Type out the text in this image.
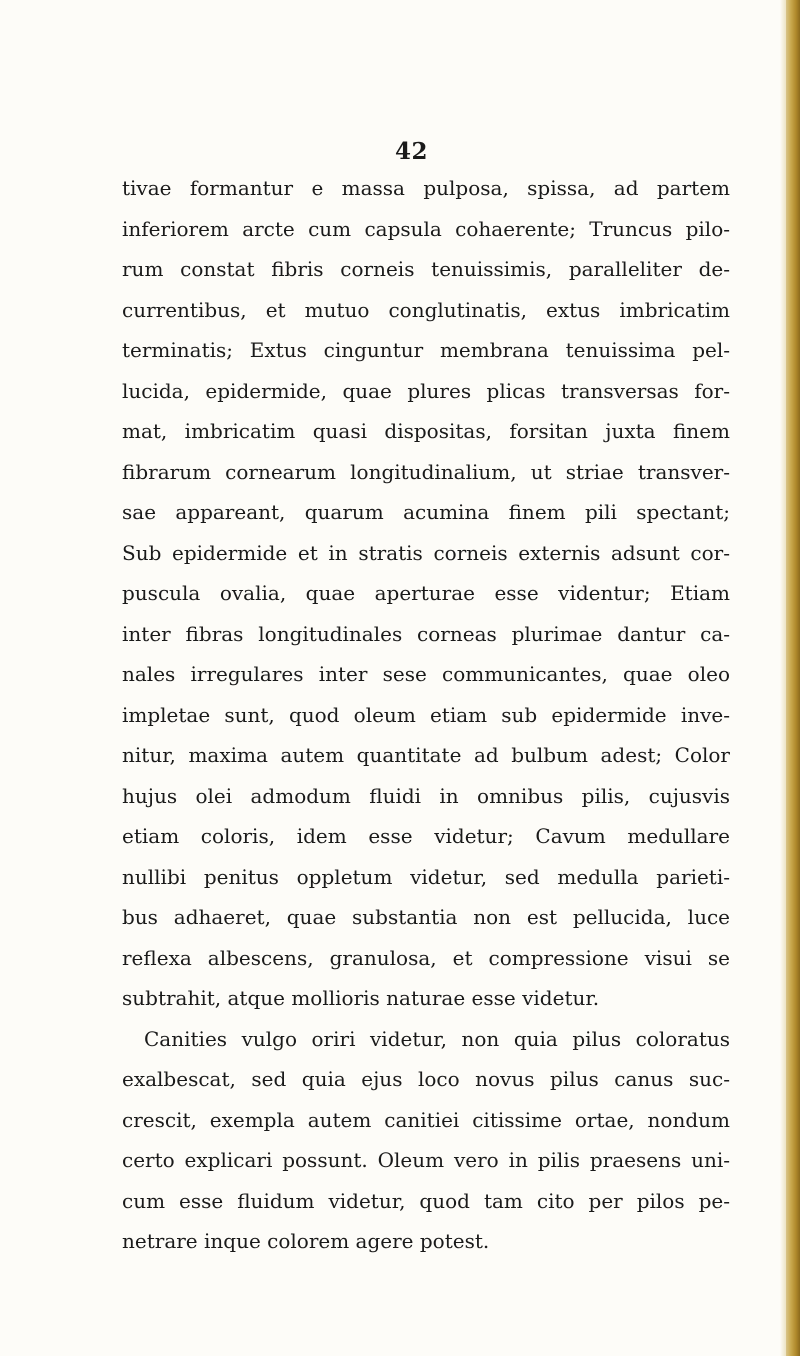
42
tivae formantur e massa pulposa, spissa, ad partem
inferiorem arcte cum capsula cohaerente; Truncus pilo-
rum constat fibris corneis tenuissimis, paralleliter de-
currentibus, et mutuo conglutinatis, extus imbricatim
terminatis; Extus cinguntur membrana tenuissima pel-
lucida, epidermide, quae plures plicas transversas for-
mat, imbricatim quasi dispositas, forsitan juxta finem
fibrarum cornearum longitudinalium, ut striae transver-
sae appareant, quarum acumina finem pili spectant;
Sub epidermide et in stratis corneis externis adsunt cor-
puscula ovalia, quae aperturae esse videntur; Etiam
inter fibras longitudinales corneas plurimae dantur ca-
nales irregulares inter sese communicantes, quae oleo
impletae sunt, quod oleum etiam sub epidermide inve-
nitur, maxima autem quantitate ad bulbum adest; Color
hujus olei admodum fluidi in omnibus pilis, cujusvis
etiam coloris, idem esse videtur; Cavum medullare
nullibi penitus oppletum videtur, sed medulla parieti-
bus adhaeret, quae substantia non est pellucida, luce
reflexa albescens, granulosa, et compressione visui se
subtrahit, atque mollioris naturae esse videtur.
Canities vulgo oriri videtur, non quia pilus coloratus
exalbescat, sed quia ejus loco novus pilus canus suc-
crescit, exempla autem canitiei citissime ortae, nondum
certo explicari possunt. Oleum vero in pilis praesens uni-
cum esse fluidum videtur, quod tam cito per pilos pe-
netrare inque colorem agere potest.
